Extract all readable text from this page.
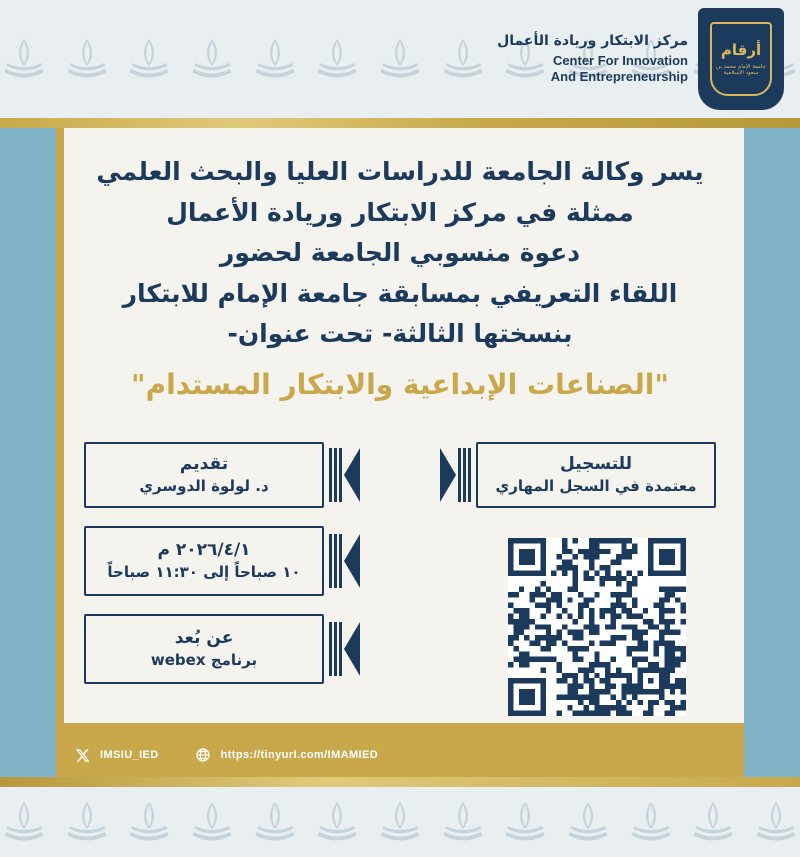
أرقام
جامعة الإمام محمد بن سعود الإسلامية
مركز الابتكار وريادة الأعمال
Center For Innovation
And Entrepreneurship
يسر وكالة الجامعة للدراسات العليا والبحث العلمي
ممثلة في مركز الابتكار وريادة الأعمال
دعوة منسوبي الجامعة لحضور
اللقاء التعريفي بمسابقة جامعة الإمام للابتكار
بنسختها الثالثة- تحت عنوان-
"الصناعات الإبداعية والابتكار المستدام"
للتسجيل
معتمدة في السجل المهاري
تقديم
د. لولوة الدوسري
٢٠٢٦/٤/١ م
١٠ صباحاً إلى ١١:٣٠ صباحاً
عن بُعد
برنامج webex
IMSIU_IED	https://tinyurl.com/IMAMIED
